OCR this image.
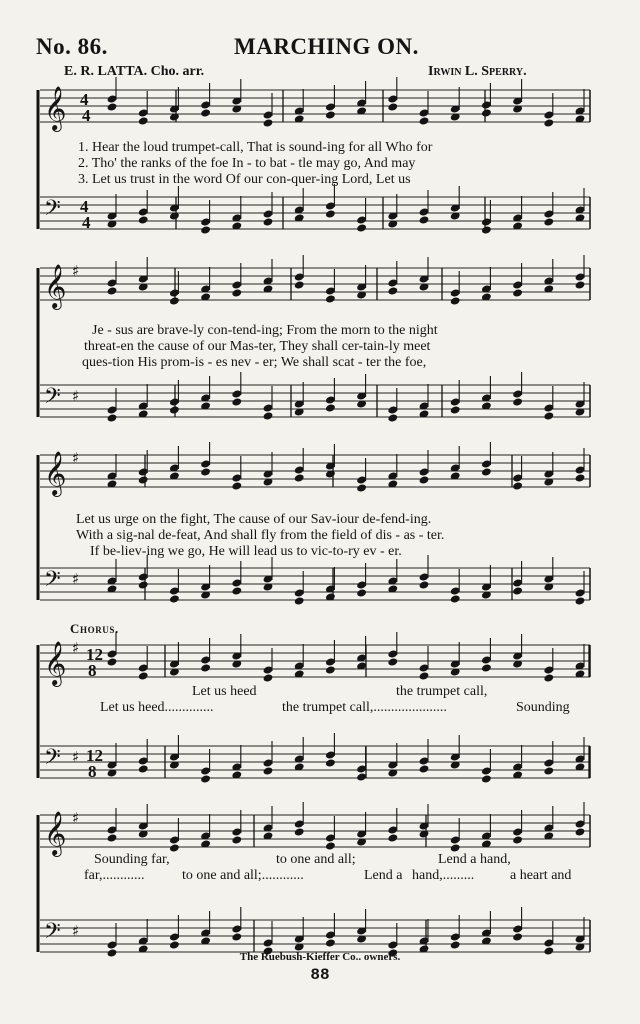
No. 86.	MARCHING ON.
E. R. LATTA. Cho. arr.	Irwin L. Sperry.
𝄞 4
4
𝄢 4
4
𝄞 ♯
𝄢 ♯
𝄞 ♯
𝄢 ♯
𝄞 ♯ 12
8
𝄢 ♯ 12
8
𝄞 ♯
𝄢 ♯
1. Hear the loud trumpet-call, That is sound-ing for all Who for
2. Tho' the ranks of the foe In - to bat - tle may go, And may
3. Let us trust in the word Of our con-quer-ing Lord, Let us
Je - sus are brave-ly con-tend-ing; From the morn to the night
threat-en the cause of our Mas-ter, They shall cer-tain-ly meet
ques-tion His prom-is - es nev - er; We shall scat - ter the foe,
Let us urge on the fight, The cause of our Sav-iour de-fend-ing.
With a sig-nal de-feat, And shall fly from the field of dis - as - ter.
If be-liev-ing we go, He will lead us to vic-to-ry ev - er.
Chorus.
Let us heed	the trumpet call,
Let us heed..............	the trumpet call,.....................	Sounding
Sounding far,	to one and all;	Lend a hand,
far,............	to one and all;............	Lend a hand,.........	a heart and
The Ruebush-Kieffer Co.. owners.
88
